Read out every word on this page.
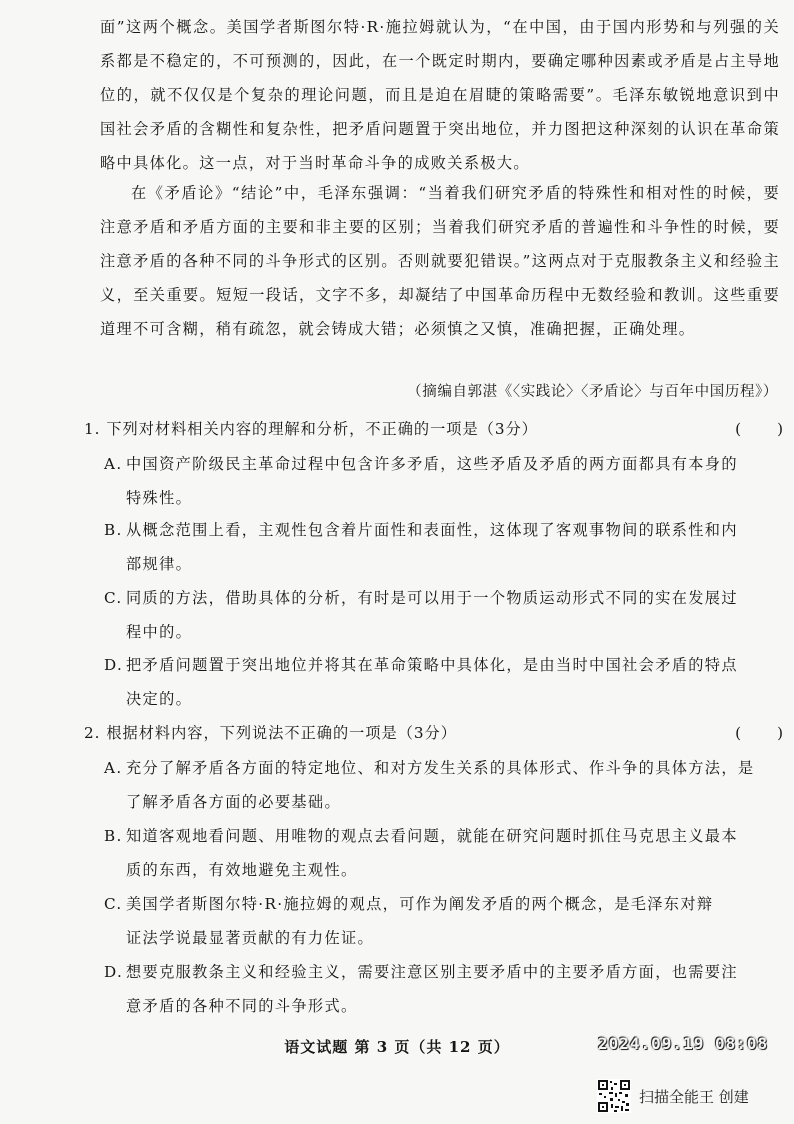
面”这两个概念。美国学者斯图尔特·R·施拉姆就认为，“在中国，由于国内形势和与列强的关系都是不稳定的，不可预测的，因此，在一个既定时期内，要确定哪种因素或矛盾是占主导地位的，就不仅仅是个复杂的理论问题，而且是迫在眉睫的策略需要”。毛泽东敏锐地意识到中国社会矛盾的含糊性和复杂性，把矛盾问题置于突出地位，并力图把这种深刻的认识在革命策略中具体化。这一点，对于当时革命斗争的成败关系极大。
在《矛盾论》“结论”中，毛泽东强调：“当着我们研究矛盾的特殊性和相对性的时候，要注意矛盾和矛盾方面的主要和非主要的区别；当着我们研究矛盾的普遍性和斗争性的时候，要注意矛盾的各种不同的斗争形式的区别。否则就要犯错误。”这两点对于克服教条主义和经验主义，至关重要。短短一段话，文字不多，却凝结了中国革命历程中无数经验和教训。这些重要道理不可含糊，稍有疏忽，就会铸成大错；必须慎之又慎，准确把握，正确处理。
（摘编自郭湛《〈实践论〉〈矛盾论〉与百年中国历程》）
1. 下列对材料相关内容的理解和分析，不正确的一项是（3分）	(      )
A. 中国资产阶级民主革命过程中包含许多矛盾，这些矛盾及矛盾的两方面都具有本身的
特殊性。
B. 从概念范围上看，主观性包含着片面性和表面性，这体现了客观事物间的联系性和内
部规律。
C. 同质的方法，借助具体的分析，有时是可以用于一个物质运动形式不同的实在发展过
程中的。
D. 把矛盾问题置于突出地位并将其在革命策略中具体化，是由当时中国社会矛盾的特点
决定的。
2. 根据材料内容，下列说法不正确的一项是（3分）	(      )
A. 充分了解矛盾各方面的特定地位、和对方发生关系的具体形式、作斗争的具体方法，是
了解矛盾各方面的必要基础。
B. 知道客观地看问题、用唯物的观点去看问题，就能在研究问题时抓住马克思主义最本
质的东西，有效地避免主观性。
C. 美国学者斯图尔特·R·施拉姆的观点，可作为阐发矛盾的两个概念，是毛泽东对辩
证法学说最显著贡献的有力佐证。
D. 想要克服教条主义和经验主义，需要注意区别主要矛盾中的主要矛盾方面，也需要注
意矛盾的各种不同的斗争形式。
语文试题 第 3 页（共 12 页）	2024.09.19 08:08
扫描全能王 创建
